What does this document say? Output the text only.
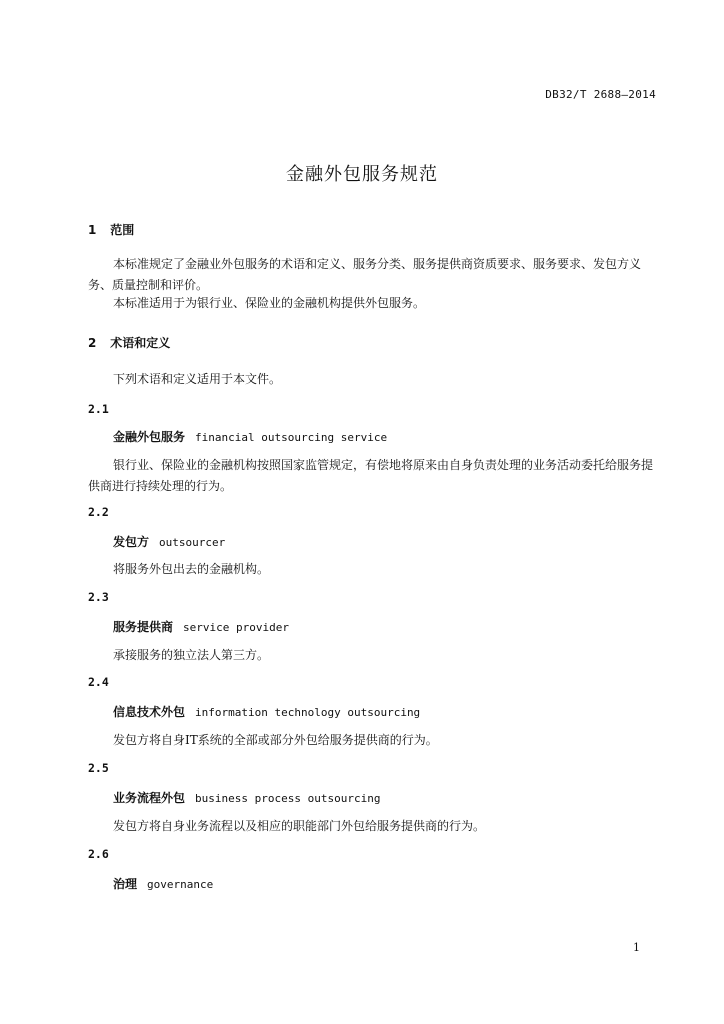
DB32/T 2688—2014
金融外包服务规范
1 范围
本标准规定了金融业外包服务的术语和定义、服务分类、服务提供商资质要求、服务要求、发包方义务、质量控制和评价。
本标准适用于为银行业、保险业的金融机构提供外包服务。
2 术语和定义
下列术语和定义适用于本文件。
2.1
金融外包服务 financial outsourcing service
银行业、保险业的金融机构按照国家监管规定，有偿地将原来由自身负责处理的业务活动委托给服务提供商进行持续处理的行为。
2.2
发包方 outsourcer
将服务外包出去的金融机构。
2.3
服务提供商 service provider
承接服务的独立法人第三方。
2.4
信息技术外包 information technology outsourcing
发包方将自身IT系统的全部或部分外包给服务提供商的行为。
2.5
业务流程外包 business process outsourcing
发包方将自身业务流程以及相应的职能部门外包给服务提供商的行为。
2.6
治理 governance
1
